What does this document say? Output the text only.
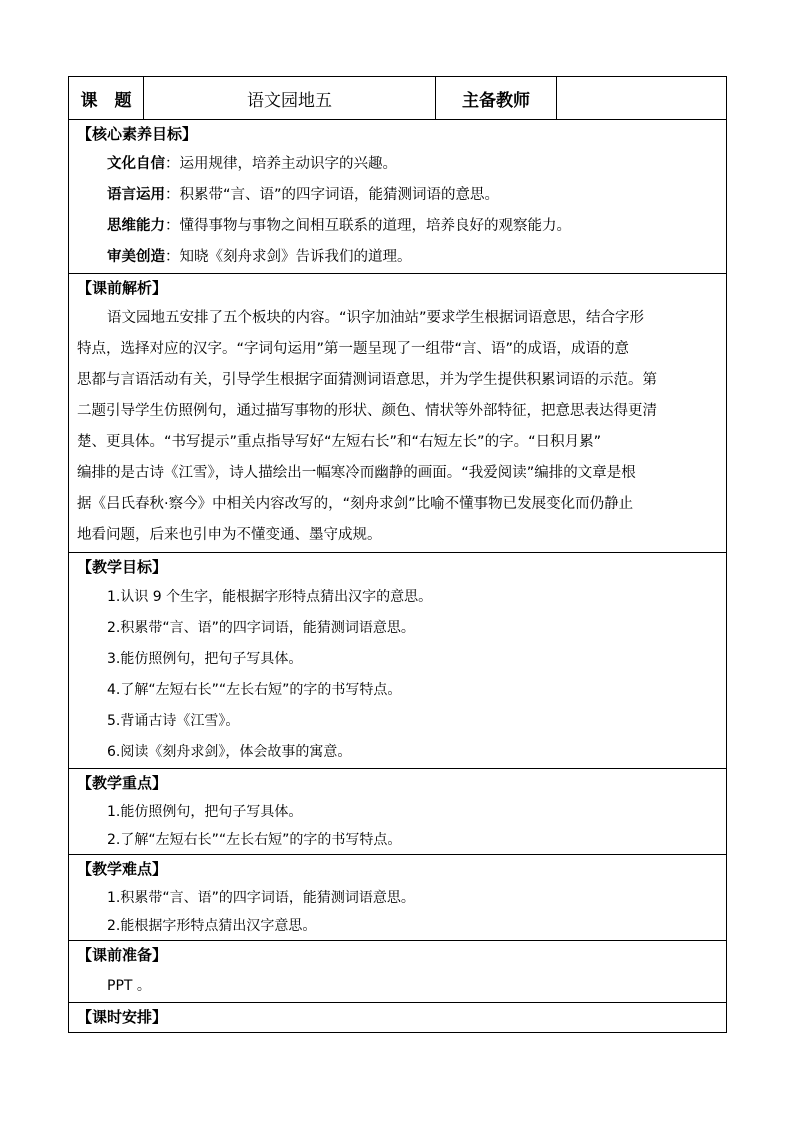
课　题	语文园地五	主备教师	

【核心素养目标】
文化自信：运用规律，培养主动识字的兴趣。
语言运用：积累带“言、语”的四字词语，能猜测词语的意思。
思维能力：懂得事物与事物之间相互联系的道理，培养良好的观察能力。
审美创造：知晓《刻舟求剑》告诉我们的道理。

【课前解析】
语文园地五安排了五个板块的内容。“识字加油站”要求学生根据词语意思，结合字形
特点，选择对应的汉字。“字词句运用”第一题呈现了一组带“言、语”的成语，成语的意
思都与言语活动有关，引导学生根据字面猜测词语意思，并为学生提供积累词语的示范。第
二题引导学生仿照例句，通过描写事物的形状、颜色、情状等外部特征，把意思表达得更清
楚、更具体。“书写提示”重点指导写好“左短右长”和“右短左长”的字。“日积月累”
编排的是古诗《江雪》，诗人描绘出一幅寒冷而幽静的画面。“我爱阅读”编排的文章是根
据《吕氏春秋·察今》中相关内容改写的，“刻舟求剑”比喻不懂事物已发展变化而仍静止
地看问题，后来也引申为不懂变通、墨守成规。

【教学目标】
1.认识 9 个生字，能根据字形特点猜出汉字的意思。
2.积累带“言、语”的四字词语，能猜测词语意思。
3.能仿照例句，把句子写具体。
4.了解“左短右长”“左长右短”的字的书写特点。
5.背诵古诗《江雪》。
6.阅读《刻舟求剑》，体会故事的寓意。

【教学重点】
1.能仿照例句，把句子写具体。
2.了解“左短右长”“左长右短”的字的书写特点。

【教学难点】
1.积累带“言、语”的四字词语，能猜测词语意思。
2.能根据字形特点猜出汉字意思。

【课前准备】
PPT 。

【课时安排】
